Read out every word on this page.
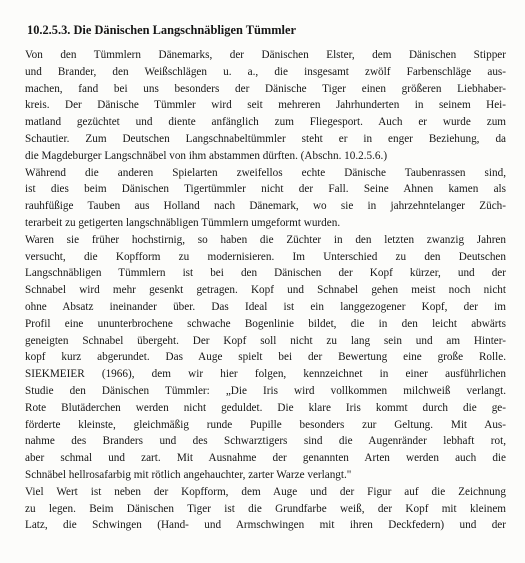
10.2.5.3. Die Dänischen Langschnäbligen Tümmler
Von den Tümmlern Dänemarks, der Dänischen Elster, dem Dänischen Stipper
und Brander, den Weißschlägen u. a., die insgesamt zwölf Farbenschläge aus-
machen, fand bei uns besonders der Dänische Tiger einen größeren Liebhaber-
kreis. Der Dänische Tümmler wird seit mehreren Jahrhunderten in seinem Hei-
matland gezüchtet und diente anfänglich zum Fliegesport. Auch er wurde zum
Schautier. Zum Deutschen Langschnabeltümmler steht er in enger Beziehung, da
die Magdeburger Langschnäbel von ihm abstammen dürften. (Abschn. 10.2.5.6.)
Während die anderen Spielarten zweifellos echte Dänische Taubenrassen sind,
ist dies beim Dänischen Tigertümmler nicht der Fall. Seine Ahnen kamen als
rauhfüßige Tauben aus Holland nach Dänemark, wo sie in jahrzehntelanger Züch-
terarbeit zu getigerten langschnäbligen Tümmlern umgeformt wurden.
Waren sie früher hochstirnig, so haben die Züchter in den letzten zwanzig Jahren
versucht, die Kopfform zu modernisieren. Im Unterschied zu den Deutschen
Langschnäbligen Tümmlern ist bei den Dänischen der Kopf kürzer, und der
Schnabel wird mehr gesenkt getragen. Kopf und Schnabel gehen meist noch nicht
ohne Absatz ineinander über. Das Ideal ist ein langgezogener Kopf, der im
Profil eine ununterbrochene schwache Bogenlinie bildet, die in den leicht abwärts
geneigten Schnabel übergeht. Der Kopf soll nicht zu lang sein und am Hinter-
kopf kurz abgerundet. Das Auge spielt bei der Bewertung eine große Rolle.
SIEKMEIER (1966), dem wir hier folgen, kennzeichnet in einer ausführlichen
Studie den Dänischen Tümmler: „Die Iris wird vollkommen milchweiß verlangt.
Rote Blutäderchen werden nicht geduldet. Die klare Iris kommt durch die ge-
förderte kleinste, gleichmäßig runde Pupille besonders zur Geltung. Mit Aus-
nahme des Branders und des Schwarztigers sind die Augenränder lebhaft rot,
aber schmal und zart. Mit Ausnahme der genannten Arten werden auch die
Schnäbel hellrosafarbig mit rötlich angehauchter, zarter Warze verlangt."
Viel Wert ist neben der Kopfform, dem Auge und der Figur auf die Zeichnung
zu legen. Beim Dänischen Tiger ist die Grundfarbe weiß, der Kopf mit kleinem
Latz, die Schwingen (Hand- und Armschwingen mit ihren Deckfedern) und der
